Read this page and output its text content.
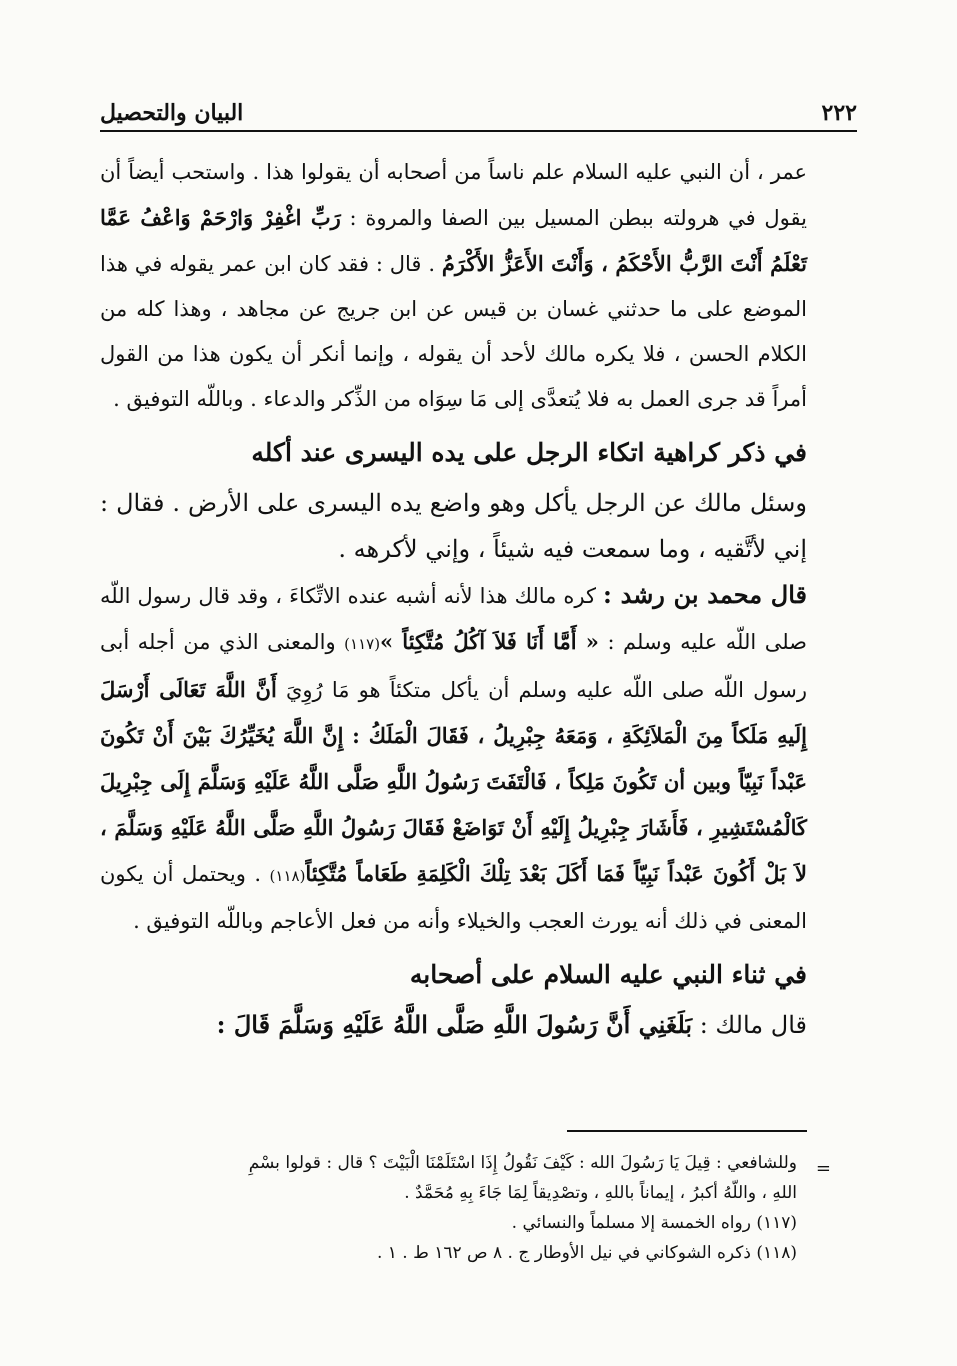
٢٢٢
البيان والتحصيل

عمر ، أن النبي عليه السلام علم ناساً من أصحابه أن يقولوا هذا . واستحب أيضاً أن يقول في هرولته ببطن المسيل بين الصفا والمروة : رَبِّ اغْفِرْ وَارْحَمْ وَاعْفُ عَمَّا تَعْلَمُ أَنْتَ الرَّبُّ الأَحْكَمُ ، وَأَنْتَ الأَعَزُّ الأَكْرَمُ . قال : فقد كان ابن عمر يقوله في هذا الموضع على ما حدثني غسان بن قيس عن ابن جريج عن مجاهد ، وهذا كله من الكلام الحسن ، فلا يكره مالك لأحد أن يقوله ، وإنما أنكر أن يكون هذا من القول أمراً قد جرى العمل به فلا يُتعدَّى إلى مَا سِوَاه من الذِّكر والدعاء . وباللّه التوفيق .

في ذكر كراهية اتكاء الرجل على يده اليسرى عند أكله

وسئل مالك عن الرجل يأكل وهو واضع يده اليسرى على الأرض . فقال : إني لأتَّقيه ، وما سمعت فيه شيئاً ، وإني لأكرهه .

قال محمد بن رشد : كره مالك هذا لأنه أشبه عنده الاتِّكاءَ ، وقد قال رسول اللّه صلى اللّه عليه وسلم : « أَمَّا أَنَا فَلاَ آكُلُ مُتَّكِئاً »(١١٧) والمعنى الذي من أجله أبى رسول اللّه صلى اللّه عليه وسلم أن يأكل متكئاً هو مَا رُوِيَ أَنَّ اللَّهَ تَعَالَى أَرْسَلَ إِلَيهِ مَلَكاً مِنَ الْمَلاَئِكَةِ ، وَمَعَهُ جِبْرِيلُ ، فَقَالَ الْمَلَكُ : إِنَّ اللَّهَ يُخَيِّرُكَ بَيْنَ أَنْ تَكُونَ عَبْداً نَبِيّاً وبين أن تَكُونَ مَلِكاً ، فَالْتَفَتَ رَسُولُ اللَّهِ صَلَّى اللَّهُ عَلَيْهِ وَسَلَّمَ إِلَى جِبْرِيلَ كَالْمُسْتَشِيرِ ، فَأَشَارَ جِبْرِيلُ إِلَيْهِ أَنْ تَوَاضَعْ فَقَالَ رَسُولُ اللَّهِ صَلَّى اللَّهُ عَلَيْهِ وَسَلَّمَ ، لاَ بَلْ أَكُونَ عَبْداً نَبِيّاً فَمَا أَكَلَ بَعْدَ تِلْكَ الْكَلِمَةِ طَعَاماً مُتَّكِئاً(١١٨) . ويحتمل أن يكون المعنى في ذلك أنه يورث العجب والخيلاء وأنه من فعل الأعاجم وباللّه التوفيق .

في ثناء النبي عليه السلام على أصحابه

قال مالك : بَلَغَنِي أَنَّ رَسُولَ اللَّهِ صَلَّى اللَّهُ عَلَيْهِ وَسَلَّمَ قَالَ :

=

وللشافعي : قِيلَ يَا رَسُولَ الله : كَيْفَ نَقُولُ إِذَا اسْتَلَمْنَا الْبَيْتَ ؟ قال : قولوا بسْمِ

اللهِ ، واللّهُ أكبرُ ، إيماناً باللهِ ، وتصْدِيقاً لِمَا جَاءَ بِهِ مُحَمَّدٌ .

(١١٧) رواه الخمسة إلا مسلماً والنسائي .

(١١٨) ذكره الشوكاني في نيل الأوطار ج . ٨ ص ١٦٢ ط . ١ .
